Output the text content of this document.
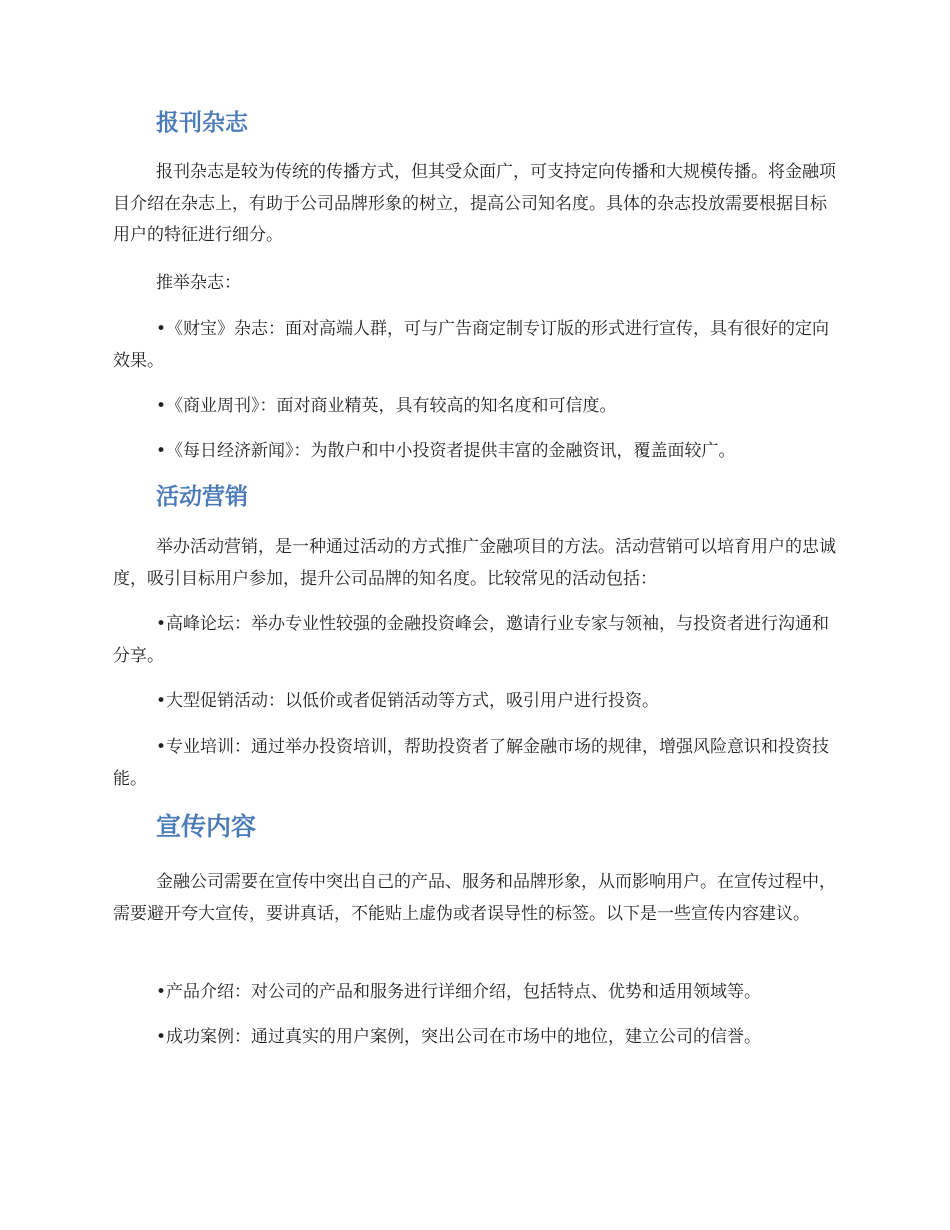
报刊杂志

报刊杂志是较为传统的传播方式，但其受众面广，可支持定向传播和大规模传播。将金融项目介绍在杂志上，有助于公司品牌形象的树立，提高公司知名度。具体的杂志投放需要根据目标用户的特征进行细分。

推举杂志：

•《财宝》杂志：面对高端人群，可与广告商定制专订版的形式进行宣传，具有很好的定向效果。

•《商业周刊》：面对商业精英，具有较高的知名度和可信度。

•《每日经济新闻》：为散户和中小投资者提供丰富的金融资讯，覆盖面较广。

活动营销

举办活动营销，是一种通过活动的方式推广金融项目的方法。活动营销可以培育用户的忠诚度，吸引目标用户参加，提升公司品牌的知名度。比较常见的活动包括：

•高峰论坛：举办专业性较强的金融投资峰会，邀请行业专家与领袖，与投资者进行沟通和分享。

•大型促销活动：以低价或者促销活动等方式，吸引用户进行投资。

•专业培训：通过举办投资培训，帮助投资者了解金融市场的规律，增强风险意识和投资技能。

宣传内容

金融公司需要在宣传中突出自己的产品、服务和品牌形象，从而影响用户。在宣传过程中，需要避开夸大宣传，要讲真话，不能贴上虚伪或者误导性的标签。以下是一些宣传内容建议。

•产品介绍：对公司的产品和服务进行详细介绍，包括特点、优势和适用领域等。

•成功案例：通过真实的用户案例，突出公司在市场中的地位，建立公司的信誉。
